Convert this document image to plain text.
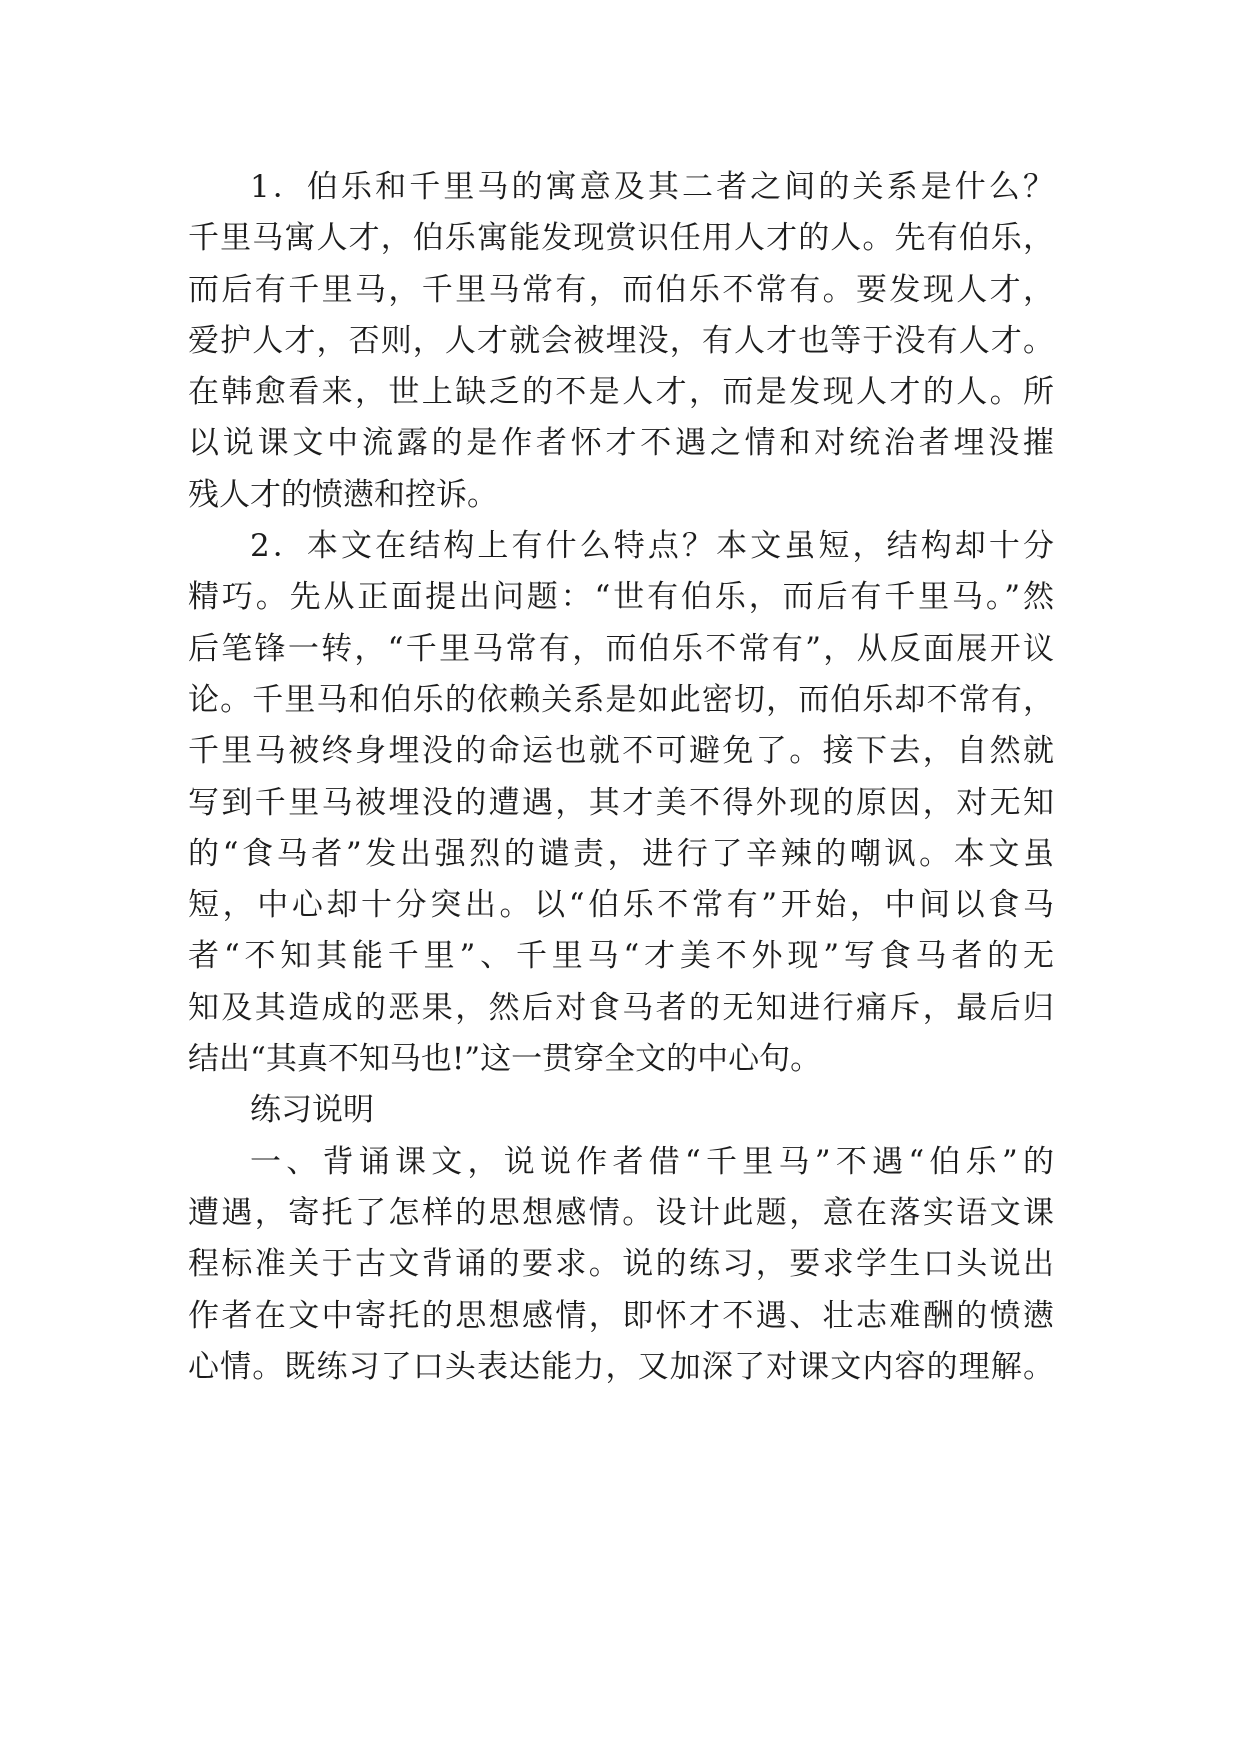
1．伯乐和千里马的寓意及其二者之间的关系是什么？
千里马寓人才，伯乐寓能发现赏识任用人才的人。先有伯乐，
而后有千里马，千里马常有，而伯乐不常有。要发现人才，
爱护人才，否则，人才就会被埋没，有人才也等于没有人才。
在韩愈看来，世上缺乏的不是人才，而是发现人才的人。所
以说课文中流露的是作者怀才不遇之情和对统治者埋没摧
残人才的愤懑和控诉。
2．本文在结构上有什么特点？本文虽短，结构却十分
精巧。先从正面提出问题：“世有伯乐，而后有千里马。”然
后笔锋一转，“千里马常有，而伯乐不常有”，从反面展开议
论。千里马和伯乐的依赖关系是如此密切，而伯乐却不常有，
千里马被终身埋没的命运也就不可避免了。接下去，自然就
写到千里马被埋没的遭遇，其才美不得外现的原因，对无知
的“食马者”发出强烈的谴责，进行了辛辣的嘲讽。本文虽
短，中心却十分突出。以“伯乐不常有”开始，中间以食马
者“不知其能千里”、千里马“才美不外现”写食马者的无
知及其造成的恶果，然后对食马者的无知进行痛斥，最后归
结出“其真不知马也!”这一贯穿全文的中心句。
练习说明
一、背诵课文，说说作者借“千里马”不遇“伯乐”的
遭遇，寄托了怎样的思想感情。设计此题，意在落实语文课
程标准关于古文背诵的要求。说的练习，要求学生口头说出
作者在文中寄托的思想感情，即怀才不遇、壮志难酬的愤懑
心情。既练习了口头表达能力，又加深了对课文内容的理解。
